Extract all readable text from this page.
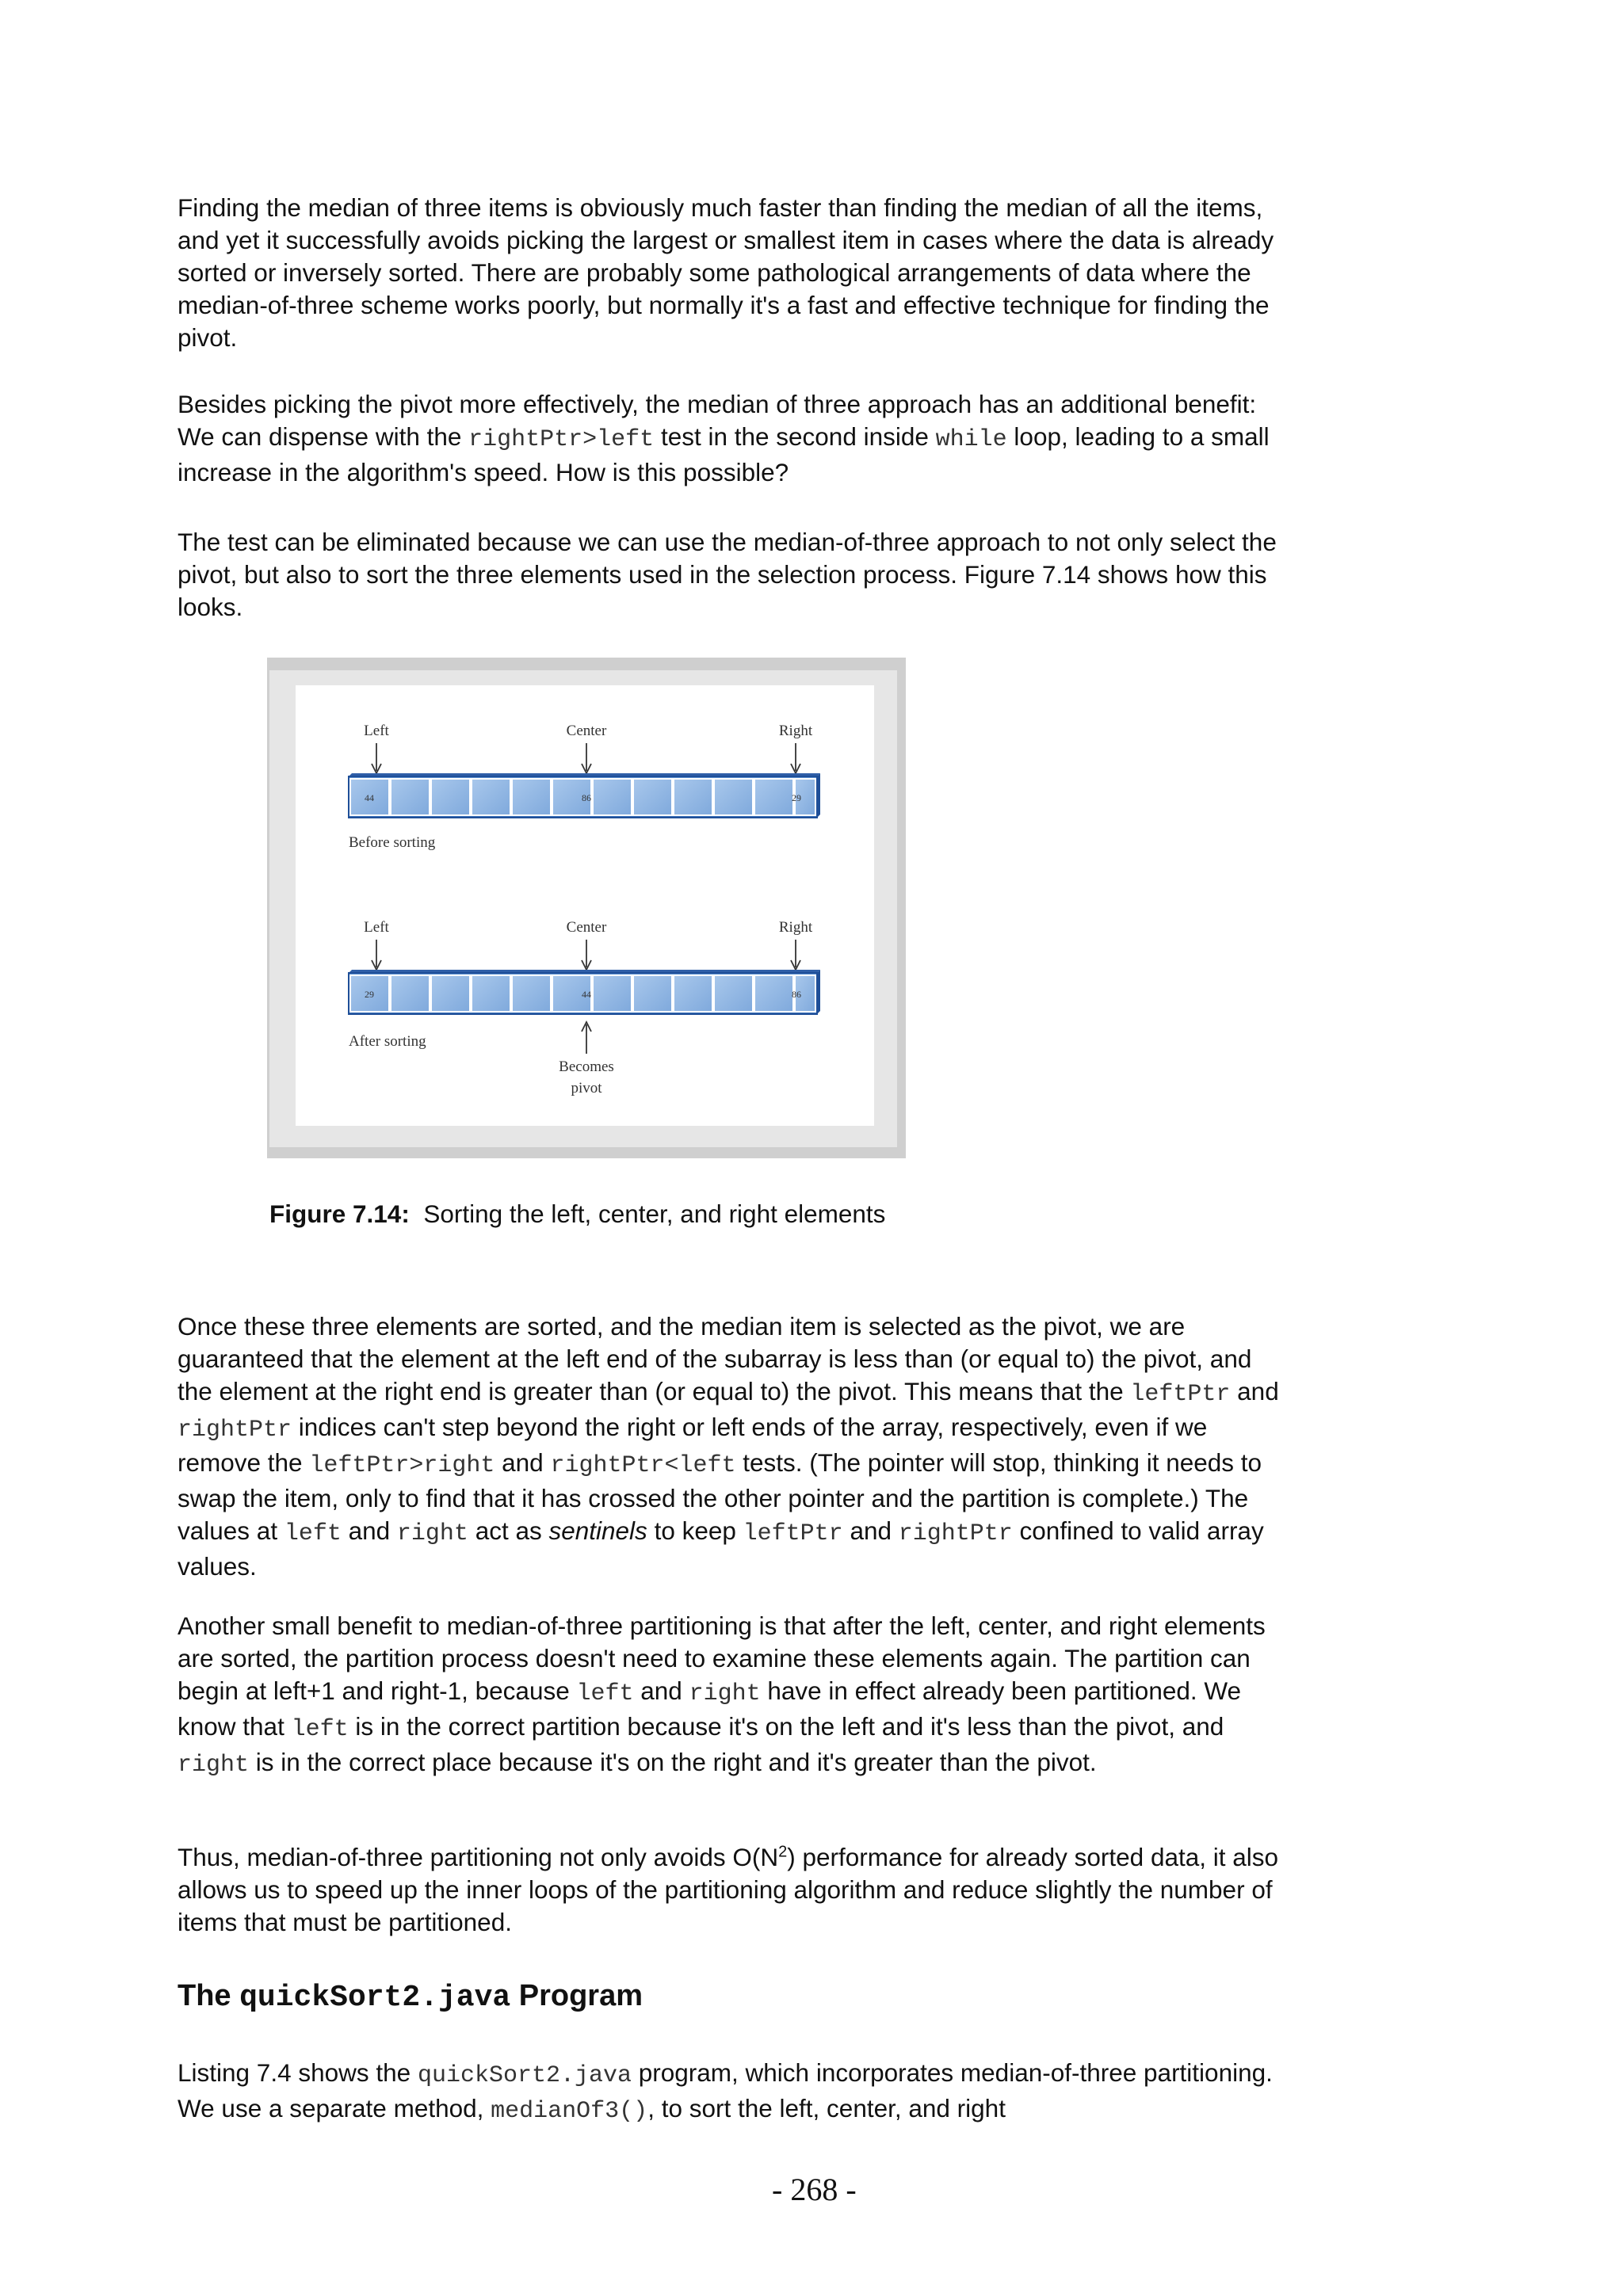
Finding the median of three items is obviously much faster than finding the median of all the items, and yet it successfully avoids picking the largest or smallest item in cases where the data is already sorted or inversely sorted. There are probably some pathological arrangements of data where the median-of-three scheme works poorly, but normally it's a fast and effective technique for finding the pivot.

Besides picking the pivot more effectively, the median of three approach has an additional benefit: We can dispense with the rightPtr>left test in the second inside while loop, leading to a small increase in the algorithm's speed. How is this possible?

The test can be eliminated because we can use the median-of-three approach to not only select the pivot, but also to sort the three elements used in the selection process. Figure 7.14 shows how this looks.

Left	Center	Right
44	86	29
Before sorting
Left	Center	Right
29	44	86
After sorting
Becomes
pivot
Figure 7.14: Sorting the left, center, and right elements

Once these three elements are sorted, and the median item is selected as the pivot, we are guaranteed that the element at the left end of the subarray is less than (or equal to) the pivot, and the element at the right end is greater than (or equal to) the pivot. This means that the leftPtr and rightPtr indices can't step beyond the right or left ends of the array, respectively, even if we remove the leftPtr>right and rightPtr<left tests. (The pointer will stop, thinking it needs to swap the item, only to find that it has crossed the other pointer and the partition is complete.) The values at left and right act as sentinels to keep leftPtr and rightPtr confined to valid array values.

Another small benefit to median-of-three partitioning is that after the left, center, and right elements are sorted, the partition process doesn't need to examine these elements again. The partition can begin at left+1 and right-1, because left and right have in effect already been partitioned. We know that left is in the correct partition because it's on the left and it's less than the pivot, and right is in the correct place because it's on the right and it's greater than the pivot.

Thus, median-of-three partitioning not only avoids $O(N^2)$ performance for already sorted data, it also allows us to speed up the inner loops of the partitioning algorithm and reduce slightly the number of items that must be partitioned.

The quickSort2.java Program

Listing 7.4 shows the quickSort2.java program, which incorporates median-of-three partitioning. We use a separate method, medianOf3(), to sort the left, center, and right

- 268 -
